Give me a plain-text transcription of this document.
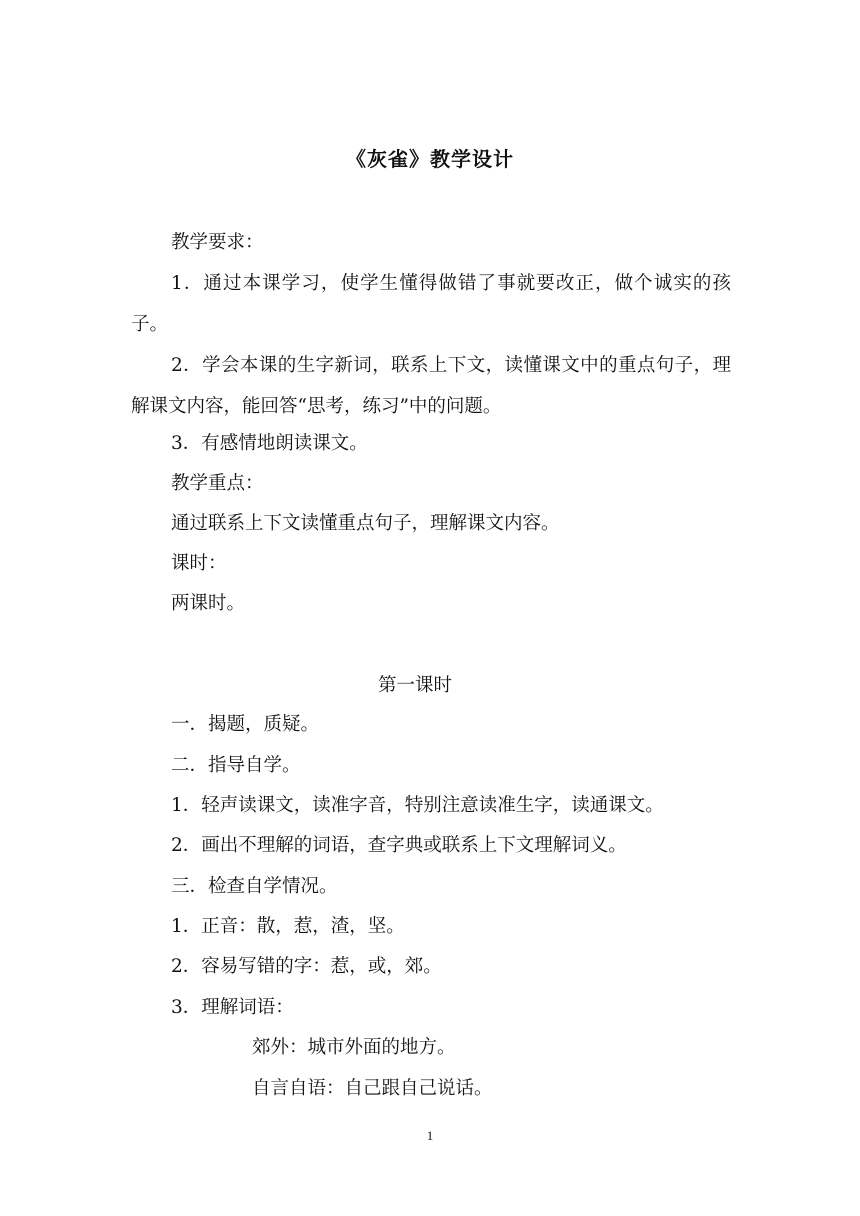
《灰雀》教学设计

教学要求：

1．通过本课学习，使学生懂得做错了事就要改正，做个诚实的孩子。

2．学会本课的生字新词，联系上下文，读懂课文中的重点句子，理解课文内容，能回答“思考，练习”中的问题。

3．有感情地朗读课文。

教学重点：

通过联系上下文读懂重点句子，理解课文内容。

课时：

两课时。

第一课时

一．揭题，质疑。

二．指导自学。

1．轻声读课文，读准字音，特别注意读准生字，读通课文。

2．画出不理解的词语，查字典或联系上下文理解词义。

三．检查自学情况。

1．正音：散，惹，渣，坚。

2．容易写错的字：惹，或，郊。

3．理解词语：

郊外：城市外面的地方。
自言自语：自己跟自己说话。
1
